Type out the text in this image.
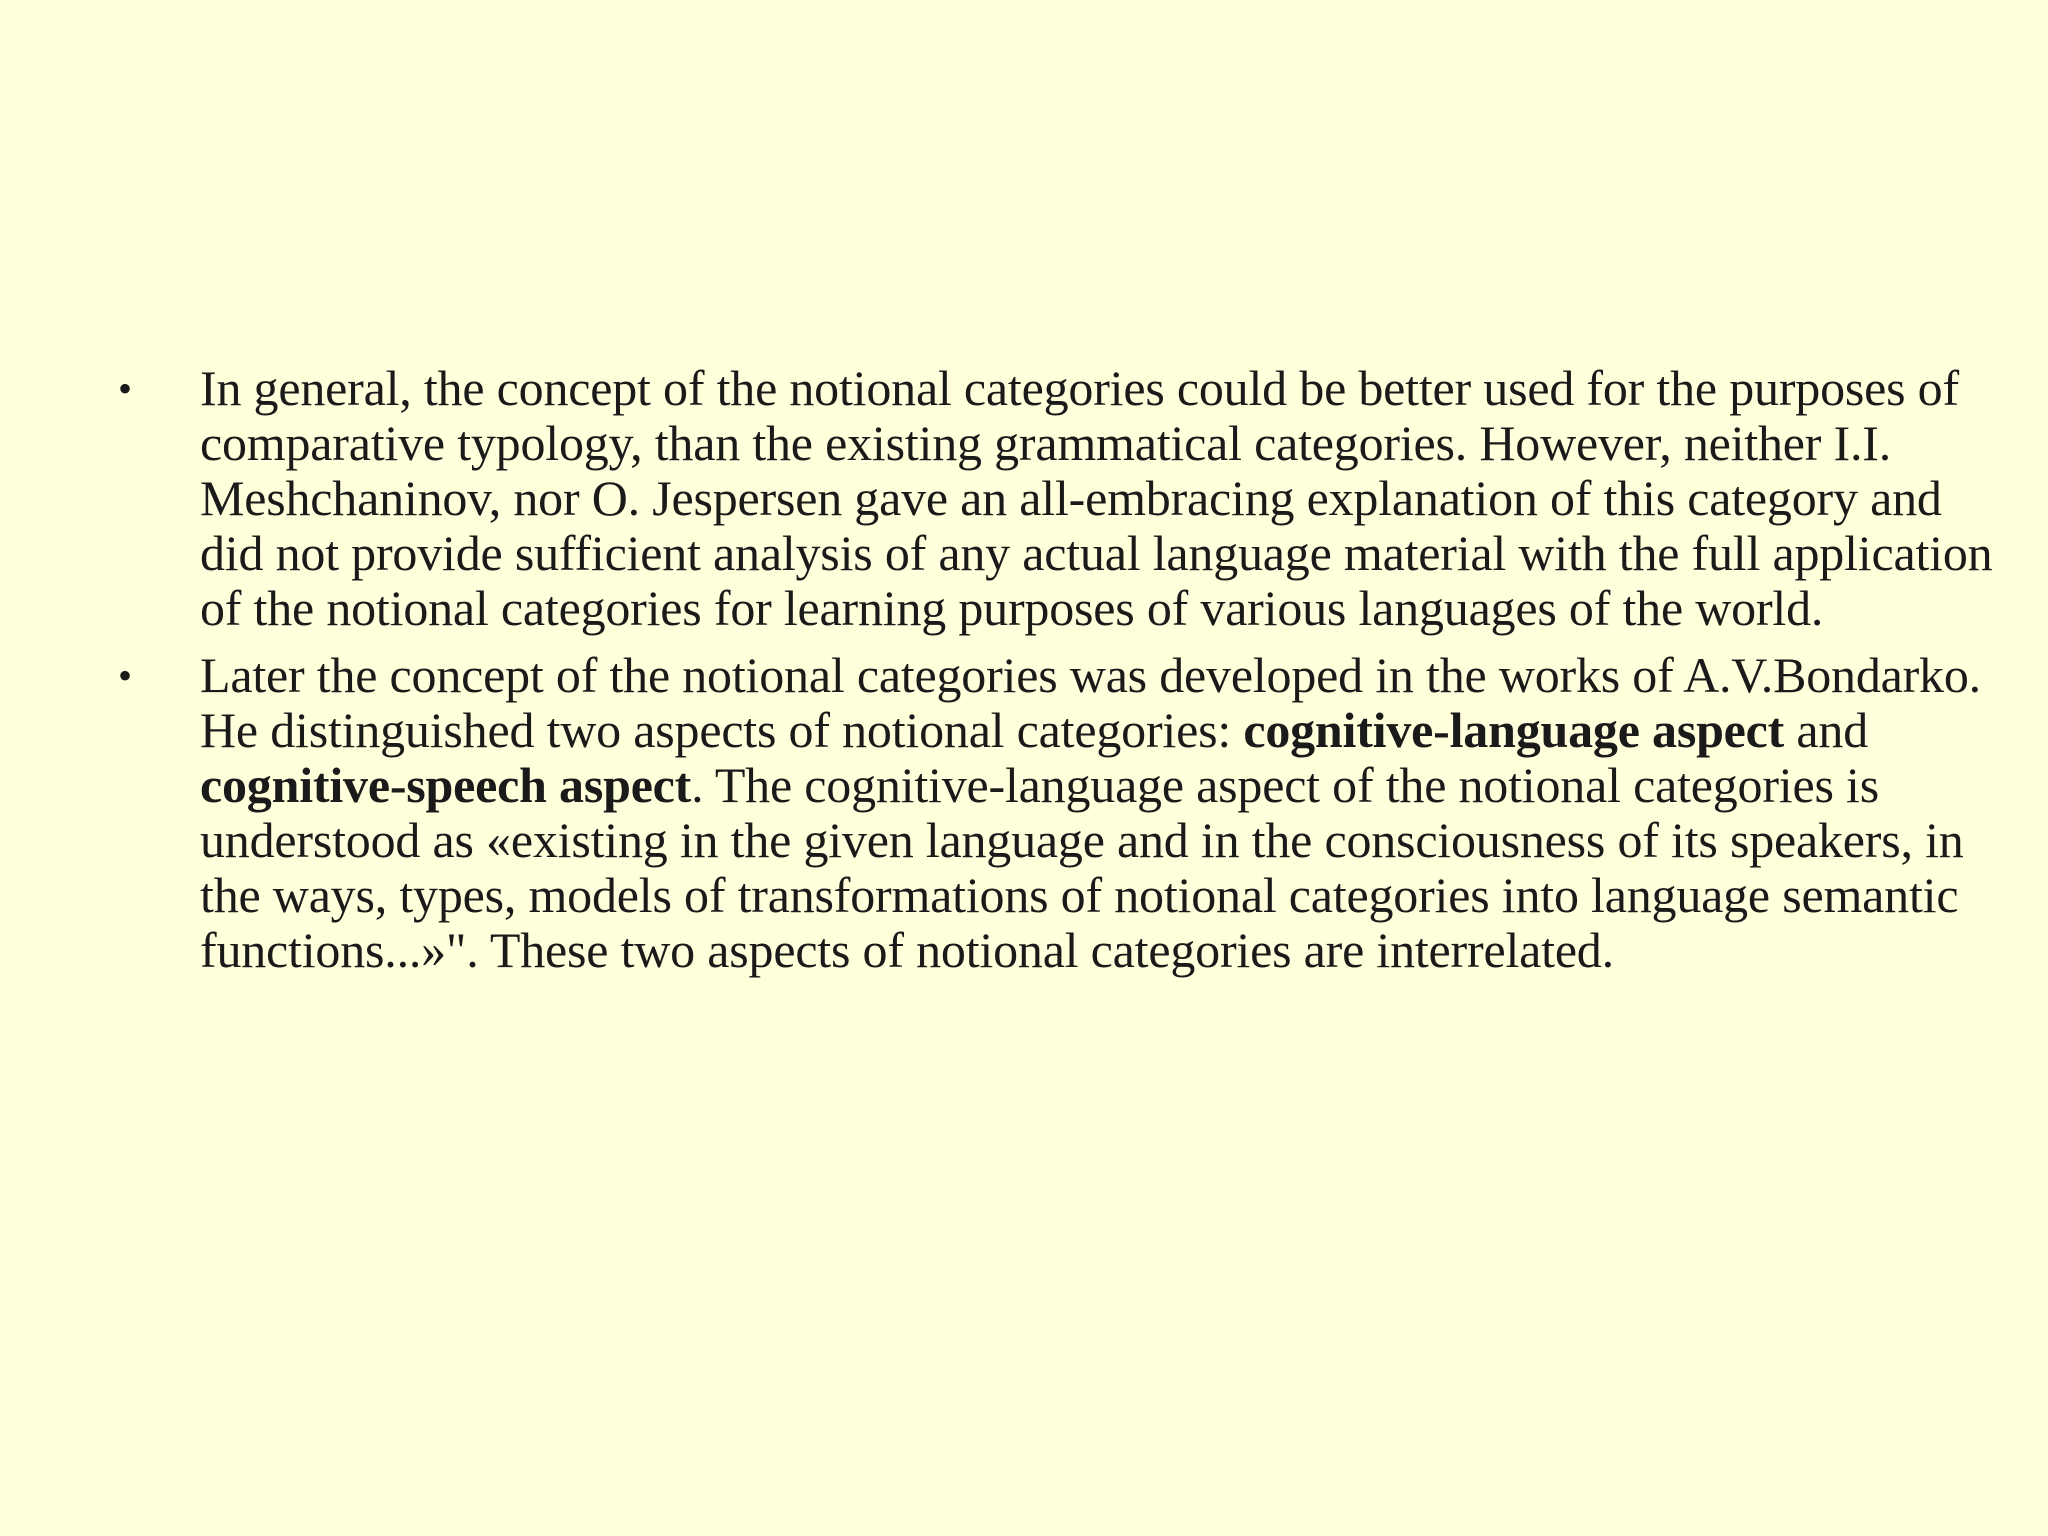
•	In general, the concept of the notional categories could be better used for the purposes of comparative typology, than the existing grammatical categories. However, neither I.I. Meshchaninov, nor O. Jespersen gave an all-embracing explanation of this category and did not provide sufficient analysis of any actual language material with the full application of the notional categories for learning purposes of various languages of the world.
•	Later the concept of the notional categories was developed in the works of A.V.Bondarko. He distinguished two aspects of notional categories: cognitive-language aspect and cognitive-speech aspect. The cognitive-language aspect of the notional categories is understood as «existing in the given language and in the consciousness of its speakers, in the ways, types, models of transformations of notional categories into language semantic functions...»". These two aspects of notional categories are interrelated.
